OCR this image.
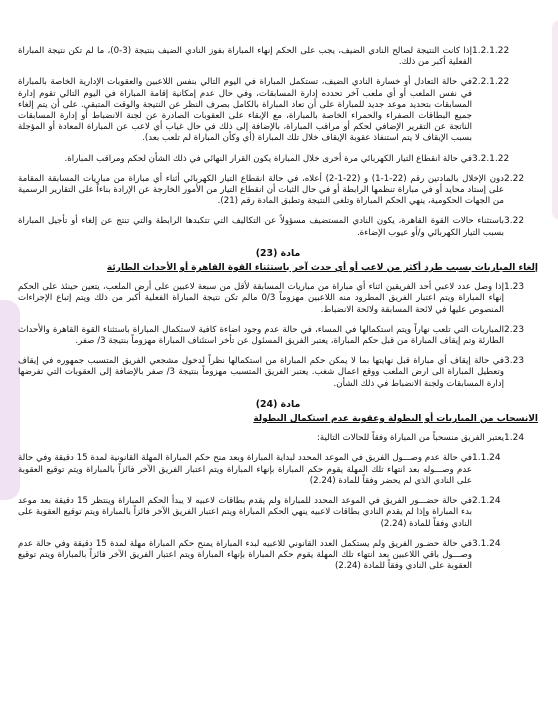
1.2.1.22
إذا كانت النتيجة لصالح النادي الضيف، يجب على الحكم إنهاء المباراة بفوز النادي الضيف بنتيجة (3-0)، ما لم تكن نتيجة المباراة الفعلية أكبر من ذلك.
2.2.1.22
في حالة التعادل أو خسارة النادي الضيف، تستكمل المباراة في اليوم التالي بنفس اللاعبين والعقوبات الإدارية الخاصة بالمباراة في نفس الملعب أو أي ملعب آخر تحدده إدارة المسابقات، وفي حال عدم إمكانية إقامة المباراة في اليوم التالي تقوم إدارة المسابقات بتحديد موعد جديد للمباراة على أن تعاد المباراة بالكامل بصرف النظر عن النتيجة والوقت المتبقي. على أن يتم إلغاء جميع البطاقات الصفراء والحمراء الخاصة بالمباراة، مع الإبقاء على العقوبات الصادرة عن لجنة الانضباط أو إدارة المسابقات الناتجة عن التقرير الإضافي لحكم أو مراقب المباراة، بالإضافة إلى ذلك في حال غياب أي لاعب عن المباراة المعادة أو المؤجلة بسبب الإيقاف لا يتم استنفاذ عقوبة الإيقاف خلال تلك المباراة (أي وكأن المباراة لم تلعب بعد).
3.2.1.22
في حالة انقطاع التيار الكهربائي مرة أخرى خلال المباراة يكون القرار النهائي في ذلك الشأن لحكم ومراقب المباراة.
2.22
دون الإخلال بالمادتين رقم (22-1-1) و (22-1-2) أعلاه، في حالة انقطاع التيار الكهربائي أثناء أي مباراة من مباريات المسابقة المقامة على إستاد محايد أو في مباراة تنظمها الرابطة أو في حال الثبات أن انقطاع التيار من الأمور الخارجة عن الإرادة بناءاً على التقارير الرسمية من الجهات الحكومية، ينهي الحكم المباراة وتلغى النتيجة وتطبق المادة رقم (21).
3.22
باستثناء حالات القوة القاهرة، يكون النادي المستضيف مسؤولاً عن التكاليف التي تتكبدها الرابطة والتي تنتج عن إلغاء أو تأجيل المباراة بسبب التيار الكهربائي و/أو عيوب الإضاءة.
مادة (23)
إلغاء المباريات بسبب طرد أكثر من لاعب أو أي حدث آخر باستثناء القوة القاهرة أو الأحداث الطارئة
1.23
إذا وصل عدد لاعبي أحد الفريقين اثناء أي مباراة من مباريات المسابقة لأقل من سبعة لاعبين على أرض الملعب، يتعين حينئذ على الحكم إنهاء المباراة ويتم اعتبار الفريق المطرود منه اللاعبين مهزوماً 0/3 مالم تكن نتيجة المباراة الفعلية أكبر من ذلك ويتم إتباع الإجراءات المنصوص عليها في لائحة المسابقة ولائحة الانضباط.
2.23
المباريات التي تلعب نهاراً ويتم استكمالها في المساء، في حالة عدم وجود اضاءة كافية لاستكمال المباراة باستثناء القوة القاهرة والأحداث الطارئة وتم إيقاف المباراة من قبل حكم المباراة، يعتبر الفريق المسئول عن تأخر استئناف المباراة مهزوماً بنتيجة 3/ صفر.
3.23
في حالة إيقاف أي مباراة قبل نهايتها بما لا يمكن حكم المباراة من استكمالها نظراً لدخول مشجعي الفريق المتسبب جمهوره في إيقاف وتعطيل المباراة الى ارض الملعب ووقع اعمال شغب. يعتبر الفريق المتسبب مهزوماً بنتيجة 3/ صفر بالإضافة إلى العقوبات التي تفرضها إدارة المسابقات ولجنة الانضباط في ذلك الشأن.
مادة (24)
الانسحاب من المباريات أو البطولة وعقوبة عدم استكمال البطولة
1.24
يعتبر الفريق منسحباً من المباراة وفقاً للحالات التالية:
1.1.24
في حالة عدم وصـــول الفريق في الموعد المحدد لبداية المباراة وبعد منح حكم المباراة المهلة القانونية لمدة 15 دقيقة وفي حالة عدم وصـــوله بعد انتهاء تلك المهلة يقوم حكم المباراة بإنهاء المباراة ويتم اعتبار الفريق الآخر فائزاً بالمباراة ويتم توقيع العقوبة على النادي الذي لم يحضر وفقاً للمادة (2.24)
2.1.24
في حالة حضـــور الفريق في الموعد المحدد للمباراة ولم يقدم بطاقات لاعبيه لا يبدأ الحكم المباراة وينتظر 15 دقيقة بعد موعد بدء المباراة وإذا لم يقدم النادي بطاقات لاعبيه ينهي الحكم المباراة ويتم اعتبار الفريق الآخر فائزاً بالمباراة ويتم توقيع العقوبة على النادي وفقاً للمادة (2.24)
3.1.24
في حالة حضـور الفريق ولم يستكمل العدد القانوني للاعبيه لبدء المباراة يمنح حكم المباراة مهلة لمدة 15 دقيقة وفي حالة عدم وصـــول باقي اللاعبين بعد انتهاء تلك المهلة يقوم حكم المباراة بإنهاء المباراة ويتم اعتبار الفريق الآخر فائزاً بالمباراة ويتم توقيع العقوبة على النادي وفقاً للمادة (2.24)
